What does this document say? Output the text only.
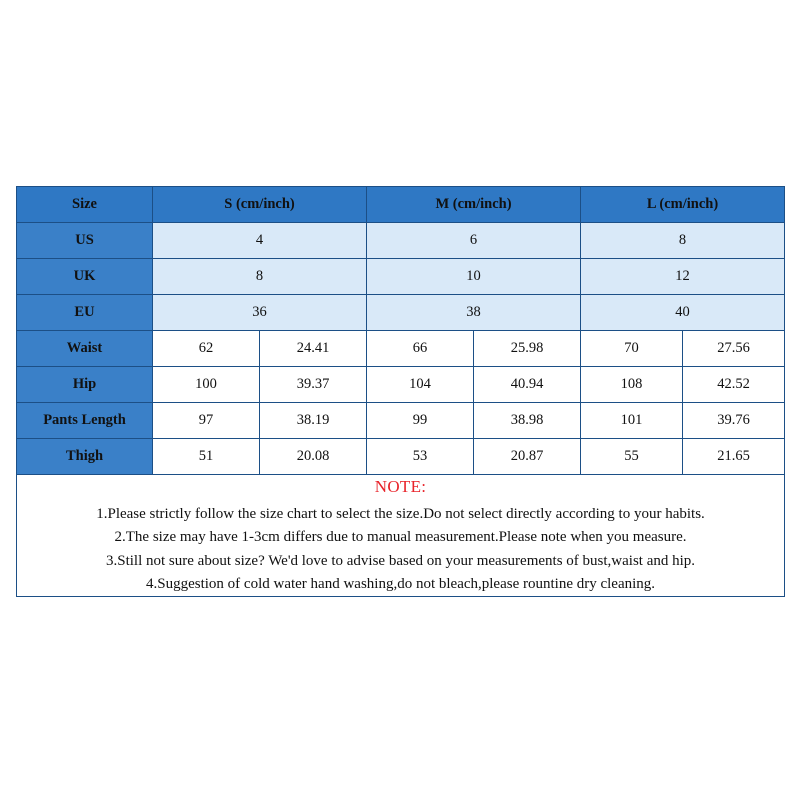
Size	S (cm/inch)		M (cm/inch)		L (cm/inch)	
US	4		6		8	
UK	8		10		12	
EU	36		38		40	
Waist	62	24.41	66	25.98	70	27.56
Hip	100	39.37	104	40.94	108	42.52
Pants Length	97	38.19	99	38.98	101	39.76
Thigh	51	20.08	53	20.87	55	21.65

NOTE:
1.Please strictly follow the size chart to select the size.Do not select directly according to your habits.
2.The size may have 1-3cm differs due to manual measurement.Please note when you measure.
3.Still not sure about size? We'd love to advise based on your measurements of bust,waist and hip.
4.Suggestion of cold water hand washing,do not bleach,please rountine dry cleaning.						
